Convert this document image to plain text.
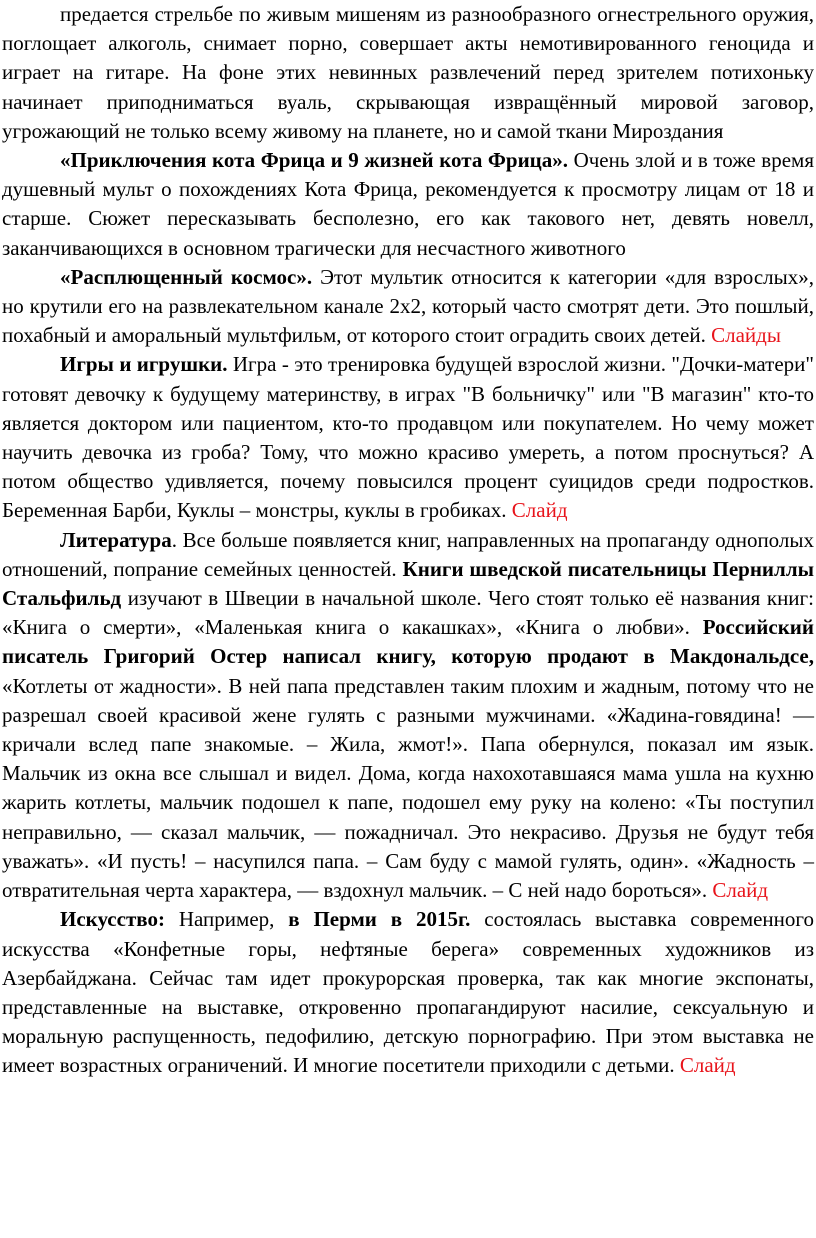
предается стрельбе по живым мишеням из разнообразного огнестрельного оружия, поглощает алкоголь, снимает порно, совершает акты немотивированного геноцида и играет на гитаре. На фоне этих невинных развлечений перед зрителем потихоньку начинает приподниматься вуаль, скрывающая извращённый мировой заговор, угрожающий не только всему живому на планете, но и самой ткани Мироздания

«Приключения кота Фрица и 9 жизней кота Фрица». Очень злой и в тоже время душевный мульт о похождениях Кота Фрица, рекомендуется к просмотру лицам от 18 и старше. Сюжет пересказывать бесполезно, его как такового нет, девять новелл, заканчивающихся в основном трагически для несчастного животного

«Расплющенный космос». Этот мультик относится к категории «для взрослых», но крутили его на развлекательном канале 2х2, который часто смотрят дети. Это пошлый, похабный и аморальный мультфильм, от которого стоит оградить своих детей. Слайды

Игры и игрушки. Игра - это тренировка будущей взрослой жизни. "Дочки-матери" готовят девочку к будущему материнству, в играх "В больничку" или "В магазин" кто-то является доктором или пациентом, кто-то продавцом или покупателем. Но чему может научить девочка из гроба? Тому, что можно красиво умереть, а потом проснуться? А потом общество удивляется, почему повысился процент суицидов среди подростков. Беременная Барби, Куклы – монстры, куклы в гробиках. Слайд

Литература. Все больше появляется книг, направленных на пропаганду однополых отношений, попрание семейных ценностей. Книги шведской писательницы Перниллы Стальфильд изучают в Швеции в начальной школе. Чего стоят только её названия книг: «Книга о смерти», «Маленькая книга о какашках», «Книга о любви». Российский писатель Григорий Остер написал книгу, которую продают в Макдональдсе, «Котлеты от жадности». В ней папа представлен таким плохим и жадным, потому что не разрешал своей красивой жене гулять с разными мужчинами. «Жадина-говядина! — кричали вслед папе знакомые. – Жила, жмот!». Папа обернулся, показал им язык. Мальчик из окна все слышал и видел. Дома, когда нахохотавшаяся мама ушла на кухню жарить котлеты, мальчик подошел к папе, подошел ему руку на колено: «Ты поступил неправильно, — сказал мальчик, — пожадничал. Это некрасиво. Друзья не будут тебя уважать». «И пусть! – насупился папа. – Сам буду с мамой гулять, один». «Жадность – отвратительная черта характера, — вздохнул мальчик. – С ней надо бороться». Слайд

Искусство: Например, в Перми в 2015г. состоялась выставка современного искусства «Конфетные горы, нефтяные берега» современных художников из Азербайджана. Сейчас там идет прокурорская проверка, так как многие экспонаты, представленные на выставке, откровенно пропагандируют насилие, сексуальную и моральную распущенность, педофилию, детскую порнографию. При этом выставка не имеет возрастных ограничений. И многие посетители приходили с детьми. Слайд
